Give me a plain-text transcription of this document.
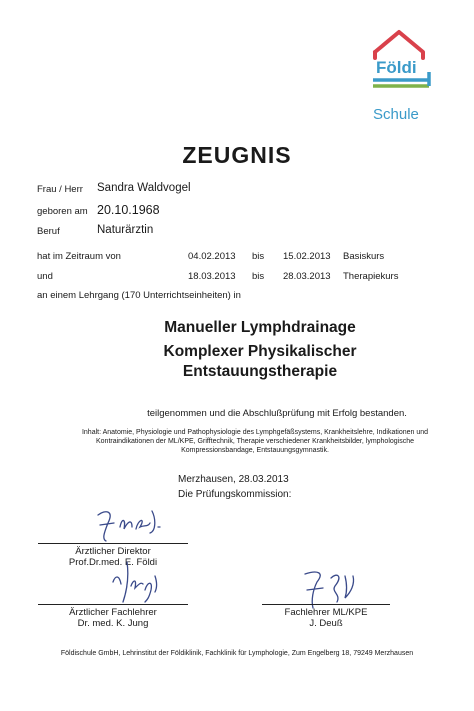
Földi
Schule
ZEUGNIS
Frau / Herr Sandra Waldvogel
geboren am 20.10.1968
Beruf	Naturärztin
hat im Zeitraum von	04.02.2013 bis 15.02.2013 Basiskurs
und	18.03.2013 bis 28.03.2013 Therapiekurs
an einem Lehrgang (170 Unterrichtseinheiten) in
Manueller Lymphdrainage
Komplexer Physikalischer
Entstauungstherapie
teilgenommen und die Abschlußprüfung mit Erfolg bestanden.
Inhalt: Anatomie, Physiologie und Pathophysiologie des Lymphgefäßsystems, Krankheitslehre, Indikationen und
Kontraindikationen der ML/KPE, Grifftechnik, Therapie verschiedener Krankheitsbilder, lymphologische
Kompressionsbandage, Entstauungsgymnastik.
Merzhausen, 28.03.2013
Die Prüfungskommission:
Ärztlicher Direktor
Prof.Dr.med. E. Földi
Ärztlicher Fachlehrer
Dr. med. K. Jung
Fachlehrer ML/KPE
J. Deuß
Földischule GmbH, Lehrinstitut der Földiklinik, Fachklinik für Lymphologie, Zum Engelberg 18, 79249 Merzhausen
